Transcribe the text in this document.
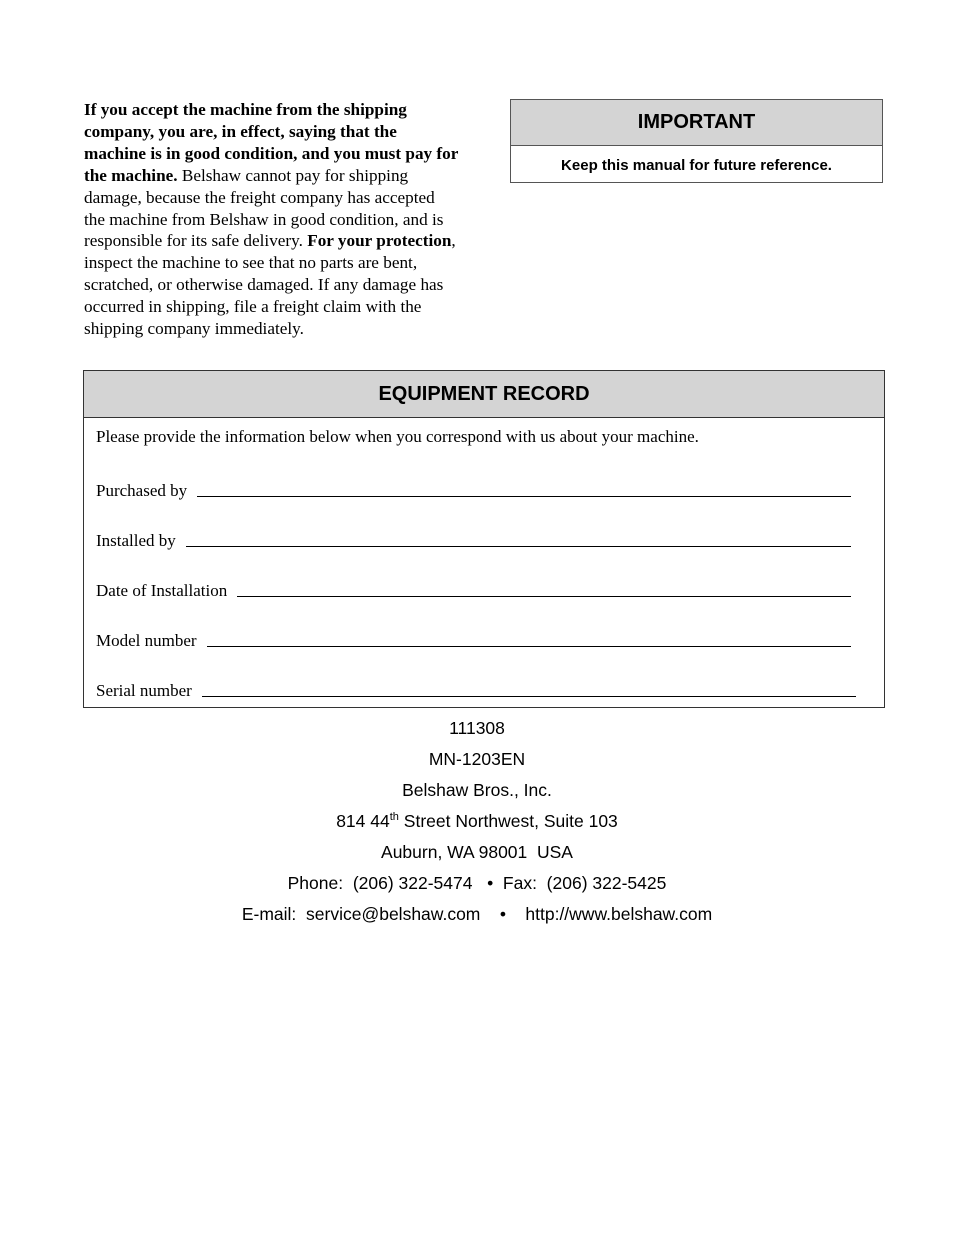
If you accept the machine from the shipping company, you are, in effect, saying that the machine is in good condition, and you must pay for the machine. Belshaw cannot pay for shipping damage, because the freight company has accepted the machine from Belshaw in good condition, and is responsible for its safe delivery. For your protection, inspect the machine to see that no parts are bent, scratched, or otherwise damaged. If any damage has occurred in shipping, file a freight claim with the shipping company immediately.
IMPORTANT
Keep this manual for future reference.
EQUIPMENT RECORD
Please provide the information below when you correspond with us about your machine.
Purchased by
Installed by
Date of Installation
Model number
Serial number
111308
MN-1203EN
Belshaw Bros., Inc.
814 44th Street Northwest, Suite 103
Auburn, WA 98001  USA
Phone:  (206) 322-5474   •  Fax:  (206) 322-5425
E-mail:  service@belshaw.com    •    http://www.belshaw.com
